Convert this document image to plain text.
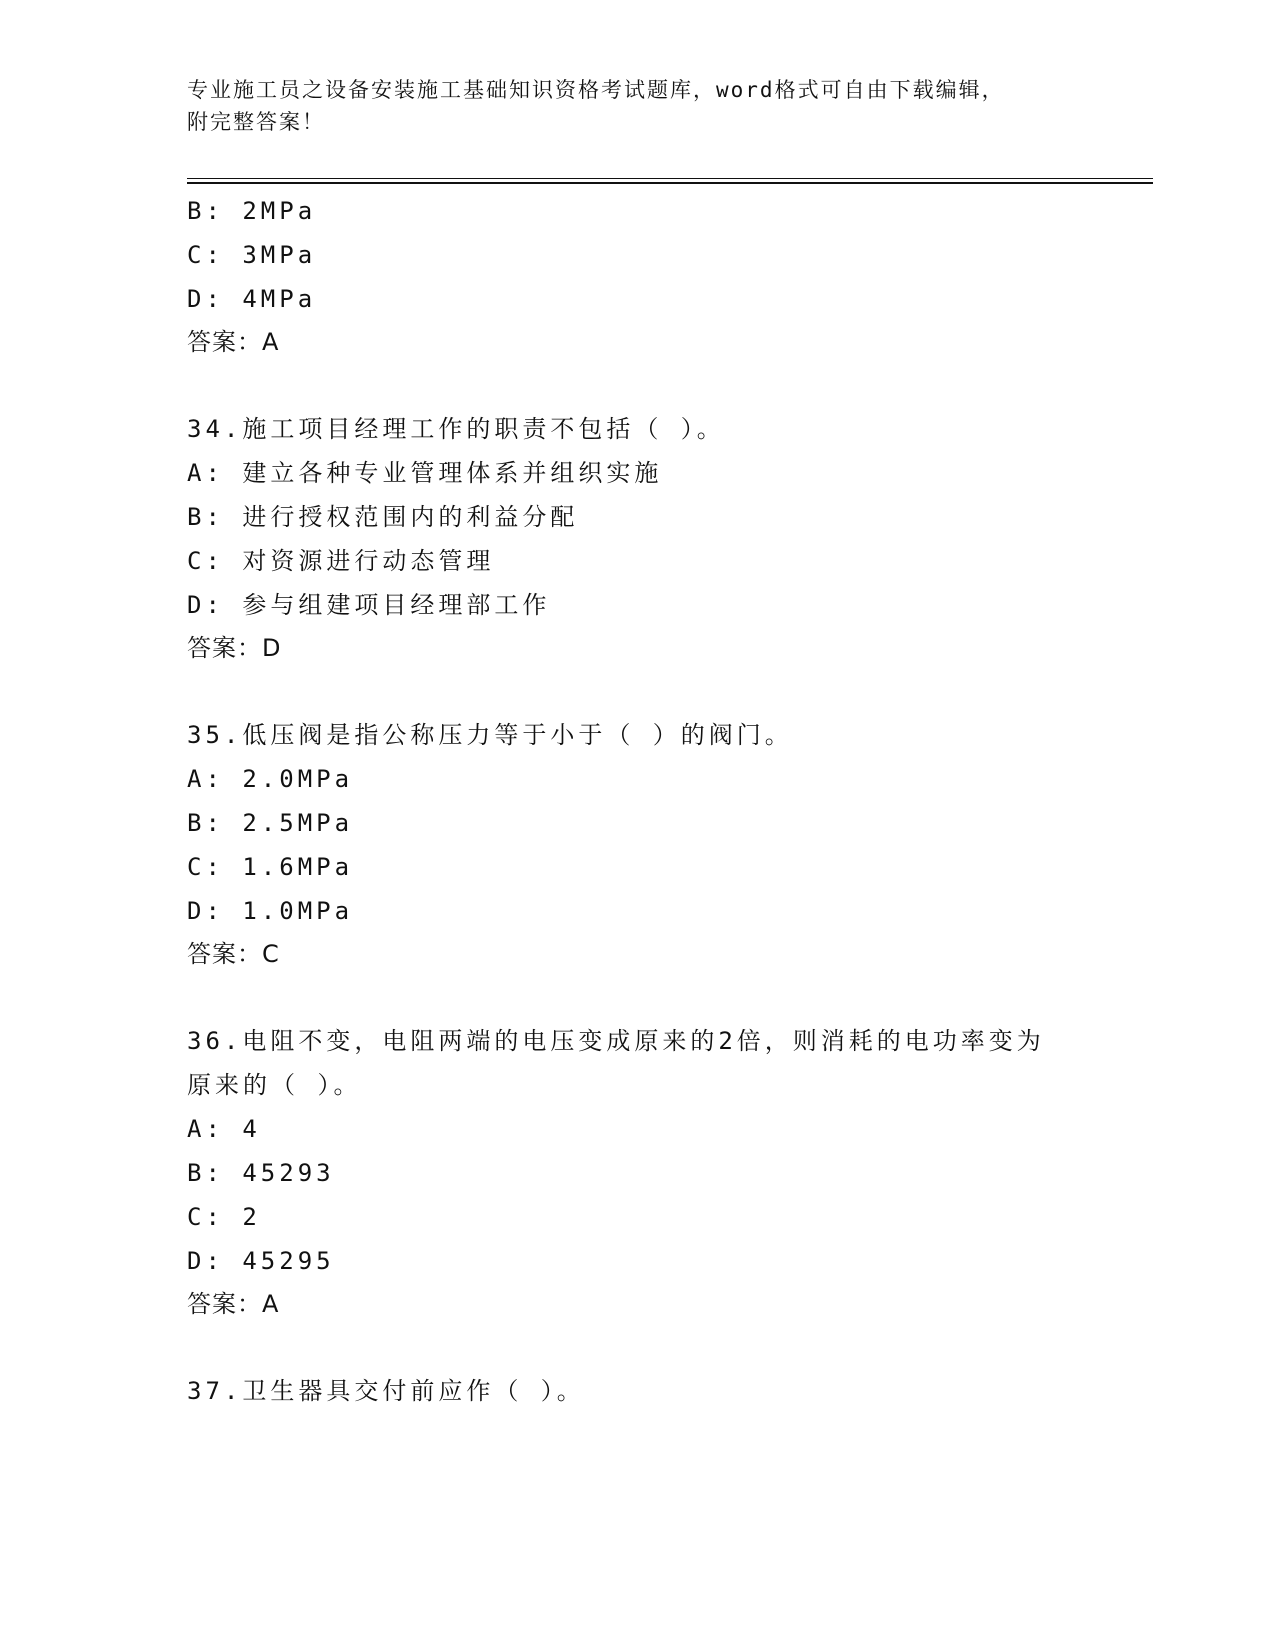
专业施工员之设备安装施工基础知识资格考试题库，word格式可自由下载编辑，
附完整答案！
B: 2MPa
C: 3MPa
D: 4MPa
答案：A
34.施工项目经理工作的职责不包括（ ）。
A: 建立各种专业管理体系并组织实施
B: 进行授权范围内的利益分配
C: 对资源进行动态管理
D: 参与组建项目经理部工作
答案：D
35.低压阀是指公称压力等于小于（ ）的阀门。
A: 2.0MPa
B: 2.5MPa
C: 1.6MPa
D: 1.0MPa
答案：C
36.电阻不变，电阻两端的电压变成原来的2倍，则消耗的电功率变为
原来的（ ）。
A: 4
B: 45293
C: 2
D: 45295
答案：A
37.卫生器具交付前应作（ ）。
